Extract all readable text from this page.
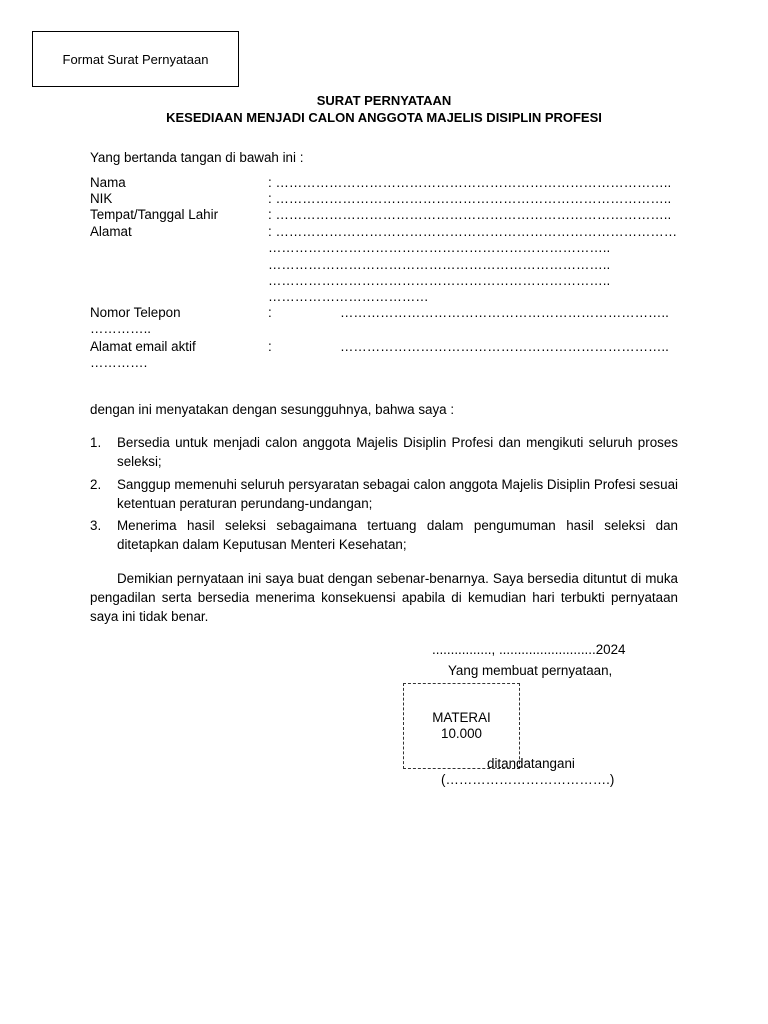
Format Surat Pernyataan
SURAT PERNYATAAN
KESEDIAAN MENJADI CALON ANGGOTA MAJELIS DISIPLIN PROFESI
Yang bertanda tangan di bawah ini :
Nama	: ……………………………………………………………………………..
NIK	: ……………………………………………………………………………..
Tempat/Tanggal Lahir	: ……………………………………………………………………………..
Alamat	: ………………………………………………………………………………
…………………………………………………………………..
…………………………………………………………………..
…………………………………………………………………..
………………………………
Nomor Telepon	:	………………………………………………………………..
…………..
Alamat email aktif	:	………………………………………………………………..
………….
dengan ini menyatakan dengan sesungguhnya, bahwa saya :
1. Bersedia untuk menjadi calon anggota Majelis Disiplin Profesi dan mengikuti seluruh proses seleksi;
2. Sanggup memenuhi seluruh persyaratan sebagai calon anggota Majelis Disiplin Profesi sesuai ketentuan peraturan perundang-undangan;
3. Menerima hasil seleksi sebagaimana tertuang dalam pengumuman hasil seleksi dan ditetapkan dalam Keputusan Menteri Kesehatan;
Demikian pernyataan ini saya buat dengan sebenar-benarnya. Saya bersedia dituntut di muka pengadilan serta bersedia menerima konsekuensi apabila di kemudian hari terbukti pernyataan saya ini tidak benar.
................, ..........................2024
Yang membuat pernyataan,
MATERAI
10.000
ditandatangani
(……………………………….)
